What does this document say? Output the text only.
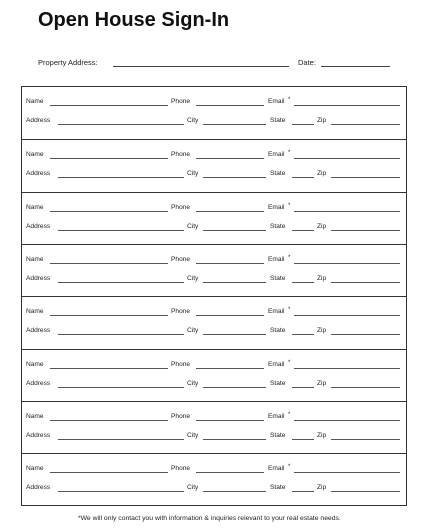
Open House Sign-In
Property Address:	Date:
Name	Phone	Email *
Address	City	State	Zip
Name	Phone	Email *
Address	City	State	Zip
Name	Phone	Email *
Address	City	State	Zip
Name	Phone	Email *
Address	City	State	Zip
Name	Phone	Email *
Address	City	State	Zip
Name	Phone	Email *
Address	City	State	Zip
Name	Phone	Email *
Address	City	State	Zip
Name	Phone	Email *
Address	City	State	Zip
*We will only contact you with information & inquiries relevant to your real estate needs.
